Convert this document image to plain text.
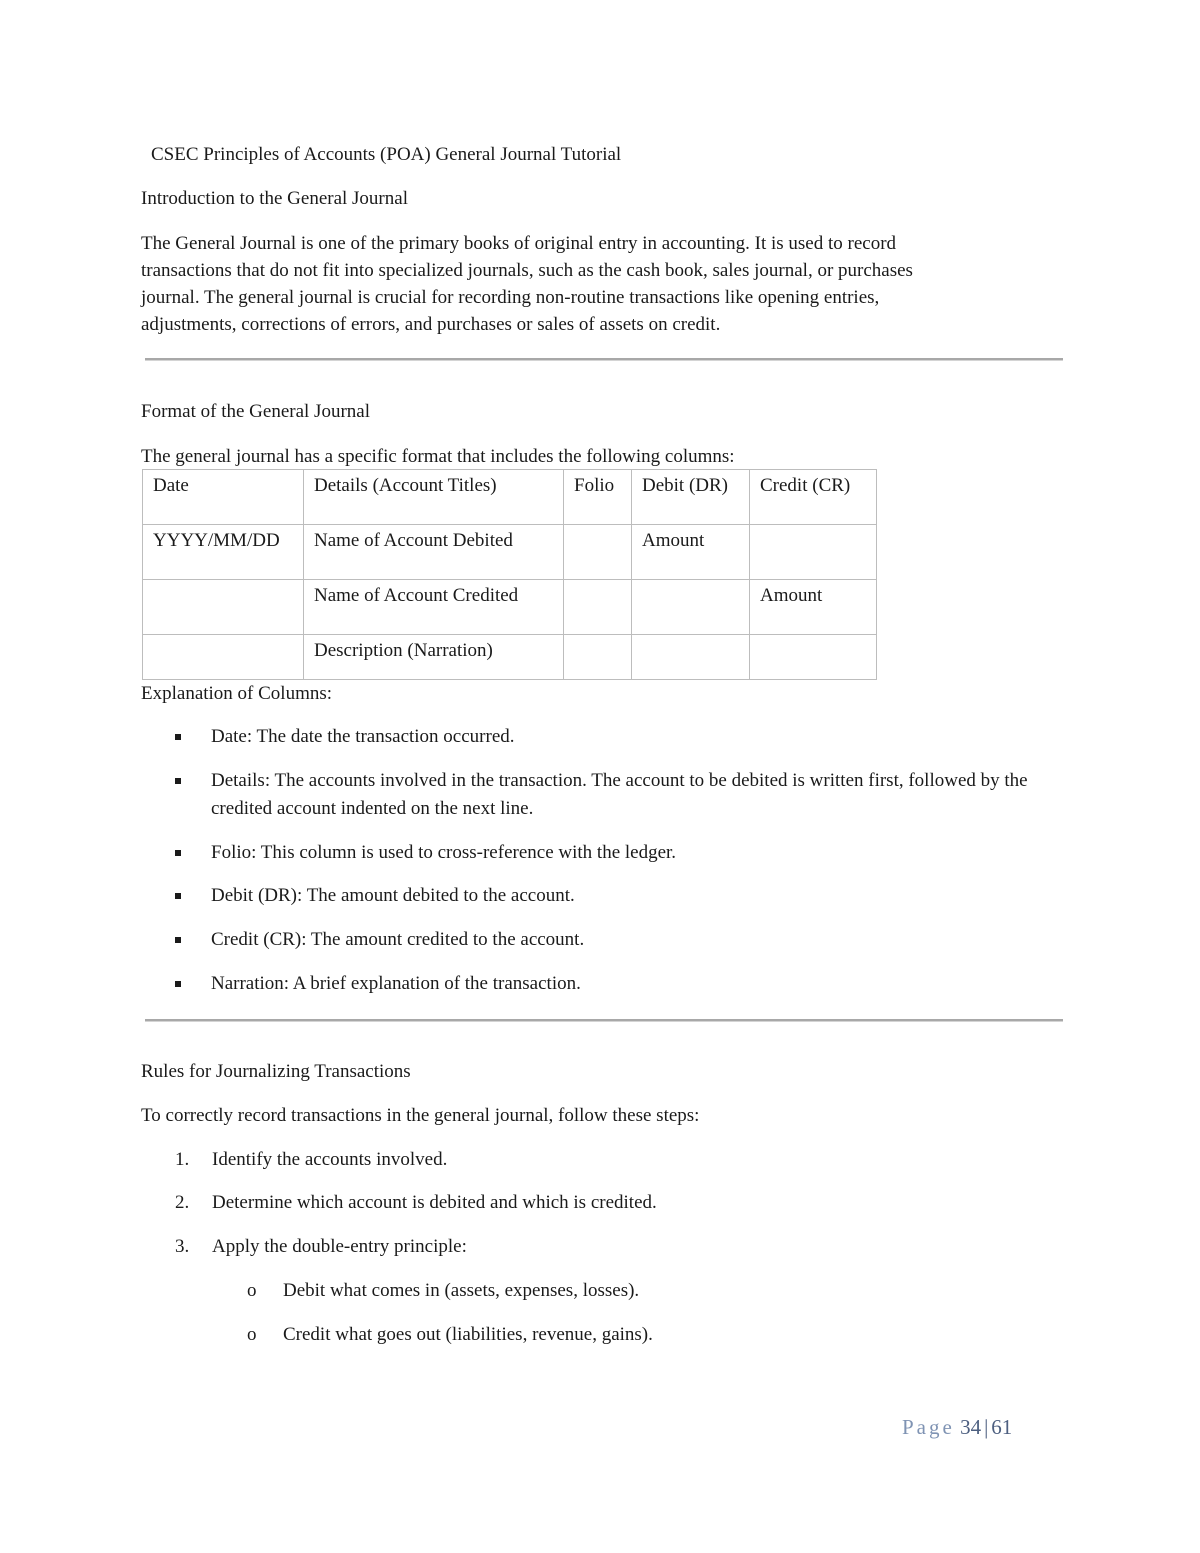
CSEC Principles of Accounts (POA) General Journal Tutorial
Introduction to the General Journal
The General Journal is one of the primary books of original entry in accounting. It is used to record
transactions that do not fit into specialized journals, such as the cash book, sales journal, or purchases
journal. The general journal is crucial for recording non-routine transactions like opening entries,
adjustments, corrections of errors, and purchases or sales of assets on credit.
Format of the General Journal
The general journal has a specific format that includes the following columns:
Date	Details (Account Titles)	Folio	Debit (DR)	Credit (CR)
YYYY/MM/DD	Name of Account Debited		Amount	
	Name of Account Credited			Amount
	Description (Narration)			
Explanation of Columns:
Date: The date the transaction occurred.
Details: The accounts involved in the transaction. The account to be debited is written first, followed by the credited account indented on the next line.
Folio: This column is used to cross-reference with the ledger.
Debit (DR): The amount debited to the account.
Credit (CR): The amount credited to the account.
Narration: A brief explanation of the transaction.
Rules for Journalizing Transactions
To correctly record transactions in the general journal, follow these steps:
1. Identify the accounts involved.
2. Determine which account is debited and which is credited.
3. Apply the double-entry principle:
o Debit what comes in (assets, expenses, losses).
o Credit what goes out (liabilities, revenue, gains).
Page 34 | 61
